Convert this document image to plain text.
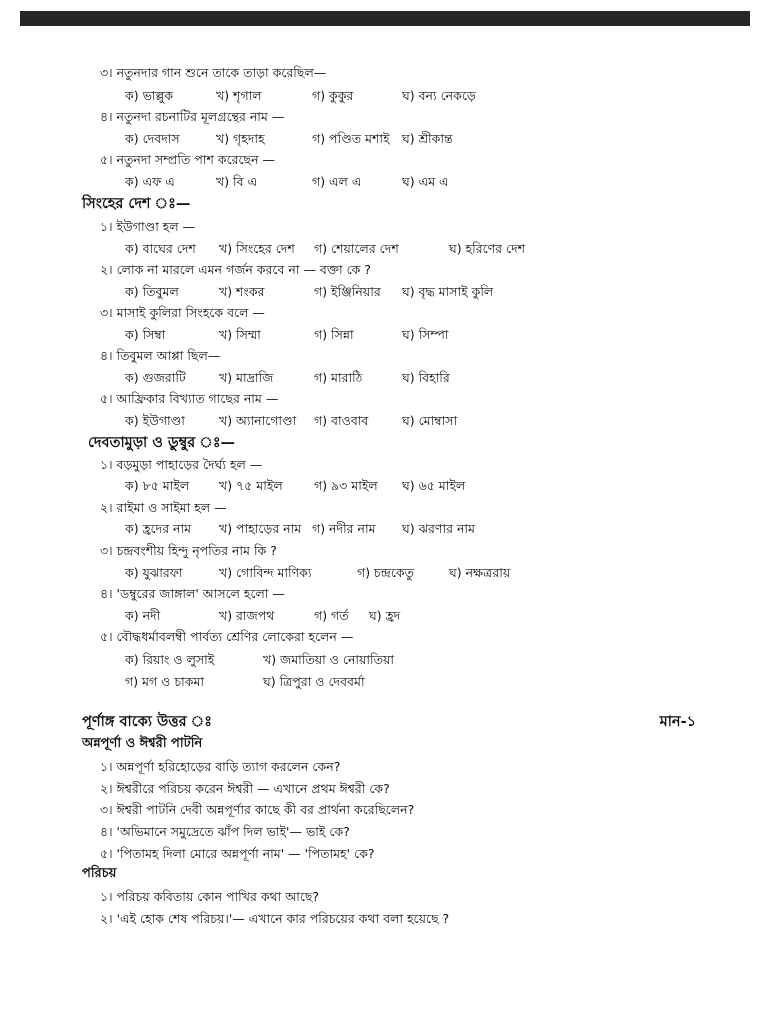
৩। নতুনদার গান শুনে তাকে তাড়া করেছিল—
ক) ভাল্লুক	খ) শৃগাল	গ) কুকুর	ঘ) বন্য নেকড়ে
৪। নতুনদা রচনাটির মূলগ্রন্থের নাম —
ক) দেবদাস	খ) গৃহদাহ	গ) পণ্ডিত মশাই ঘ) শ্রীকান্ত
৫। নতুনদা সম্প্রতি পাশ করেছেন —
ক) এফ এ	খ) বি এ	গ) এল এ	ঘ) এম এ
সিংহের দেশ ঃ—
১। ইউগাণ্ডা হল —
ক) বাঘের দেশ খ) সিংহের দেশ গ) শেয়ালের দেশ	ঘ) হরিণের দেশ
২। লোক না মারলে এমন গর্জন করবে না — বক্তা কে ?
ক) তিবুমল	খ) শংকর	গ) ইঞ্জিনিয়ার ঘ) বৃদ্ধ মাসাই কুলি
৩। মাসাই কুলিরা সিংহকে বলে —
ক) সিম্বা	খ) সিম্মা	গ) সিন্না	ঘ) সিম্পা
৪। তিবুমল আপ্পা ছিল—
ক) গুজরাটি	খ) মাদ্রাজি	গ) মারাঠি	ঘ) বিহারি
৫। আফ্রিকার বিখ্যাত গাছের নাম —
ক) ইউগাণ্ডা	খ) অ্যানাগোণ্ডা গ) বাওবাব	ঘ) মোম্বাসা
দেবতামুড়া ও ডুম্বুর ঃ—
১। বড়মুড়া পাহাড়ের দৈর্ঘ্য হল —
ক) ৮৫ মাইল খ) ৭৫ মাইল	গ) ৯৩ মাইল ঘ) ৬৫ মাইল
২। রাইমা ও সাইমা হল —
ক) হ্রদের নাম খ) পাহাড়ের নাম গ) নদীর নাম ঘ) ঝরণার নাম
৩। চন্দ্রবংশীয় হিন্দু নৃপতির নাম কি ?
ক) যুঝারফা	খ) গোবিন্দ মাণিক্য	গ) চন্দ্রকেতু	ঘ) নক্ষত্ররায়
৪। 'ডম্বুরের জাঙ্গাল' আসলে হলো —
ক) নদী	খ) রাজপথ	গ) গর্ত ঘ) হ্রদ
৫। বৌদ্ধধর্মাবলম্বী পার্বত্য শ্রেণির লোকেরা হলেন —
ক) রিয়াং ও লুসাই	খ) জমাতিয়া ও নোয়াতিয়া
গ) মগ ও চাকমা	ঘ) ত্রিপুরা ও দেববর্মা
পূর্ণাঙ্গ বাক্যে উত্তর ঃ	মান-১
অন্নপূর্ণা ও ঈশ্বরী পাটনি
১। অন্নপূর্ণা হরিহোড়ের বাড়ি ত্যাগ করলেন কেন?
২। ঈশ্বরীরে পরিচয় করেন ঈশ্বরী — এখানে প্রথম ঈশ্বরী কে?
৩। ঈশ্বরী পাটনি দেবী অন্নপূর্ণার কাছে কী বর প্রার্থনা করেছিলেন?
৪। 'অভিমানে সমুদ্রেতে ঝাঁপ দিল ভাই'— ভাই কে?
৫। 'পিতামহ দিলা মোরে অন্নপূর্ণা নাম' — 'পিতামহ' কে?
পরিচয়
১। পরিচয় কবিতায় কোন পাখির কথা আছে?
২। 'এই হোক শেষ পরিচয়।'— এখানে কার পরিচয়ের কথা বলা হয়েছে ?
